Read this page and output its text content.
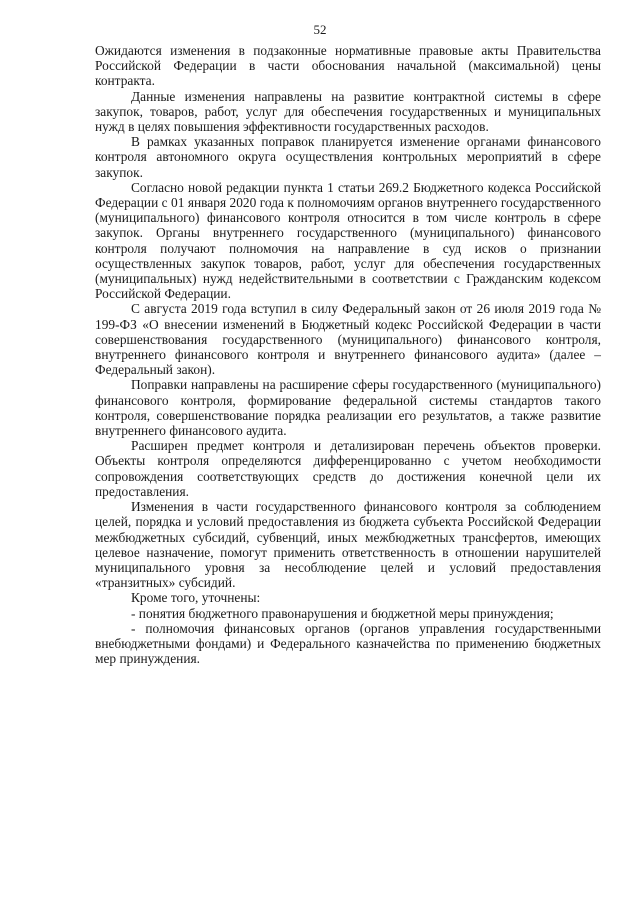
52

Ожидаются изменения в подзаконные нормативные правовые акты Правительства Российской Федерации в части обоснования начальной (максимальной) цены контракта.

Данные изменения направлены на развитие контрактной системы в сфере закупок, товаров, работ, услуг для обеспечения государственных и муниципальных нужд в целях повышения эффективности государственных расходов.

В рамках указанных поправок планируется изменение органами финансового контроля автономного округа осуществления контрольных мероприятий в сфере закупок.

Согласно новой редакции пункта 1 статьи 269.2 Бюджетного кодекса Российской Федерации с 01 января 2020 года к полномочиям органов внутреннего государственного (муниципального) финансового контроля относится в том числе контроль в сфере закупок. Органы внутреннего государственного (муниципального) финансового контроля получают полномочия на направление в суд исков о признании осуществленных закупок товаров, работ, услуг для обеспечения государственных (муниципальных) нужд недействительными в соответствии с Гражданским кодексом Российской Федерации.

С августа 2019 года вступил в силу Федеральный закон от 26 июля 2019 года № 199-ФЗ «О внесении изменений в Бюджетный кодекс Российской Федерации в части совершенствования государственного (муниципального) финансового контроля, внутреннего финансового контроля и внутреннего финансового аудита» (далее – Федеральный закон).

Поправки направлены на расширение сферы государственного (муниципального) финансового контроля, формирование федеральной системы стандартов такого контроля, совершенствование порядка реализации его результатов, а также развитие внутреннего финансового аудита.

Расширен предмет контроля и детализирован перечень объектов проверки. Объекты контроля определяются дифференцированно с учетом необходимости сопровождения соответствующих средств до достижения конечной цели их предоставления.

Изменения в части государственного финансового контроля за соблюдением целей, порядка и условий предоставления из бюджета субъекта Российской Федерации межбюджетных субсидий, субвенций, иных межбюджетных трансфертов, имеющих целевое назначение, помогут применить ответственность в отношении нарушителей муниципального уровня за несоблюдение целей и условий предоставления «транзитных» субсидий.

Кроме того, уточнены:

- понятия бюджетного правонарушения и бюджетной меры принуждения;

- полномочия финансовых органов (органов управления государственными внебюджетными фондами) и Федерального казначейства по применению бюджетных мер принуждения.
